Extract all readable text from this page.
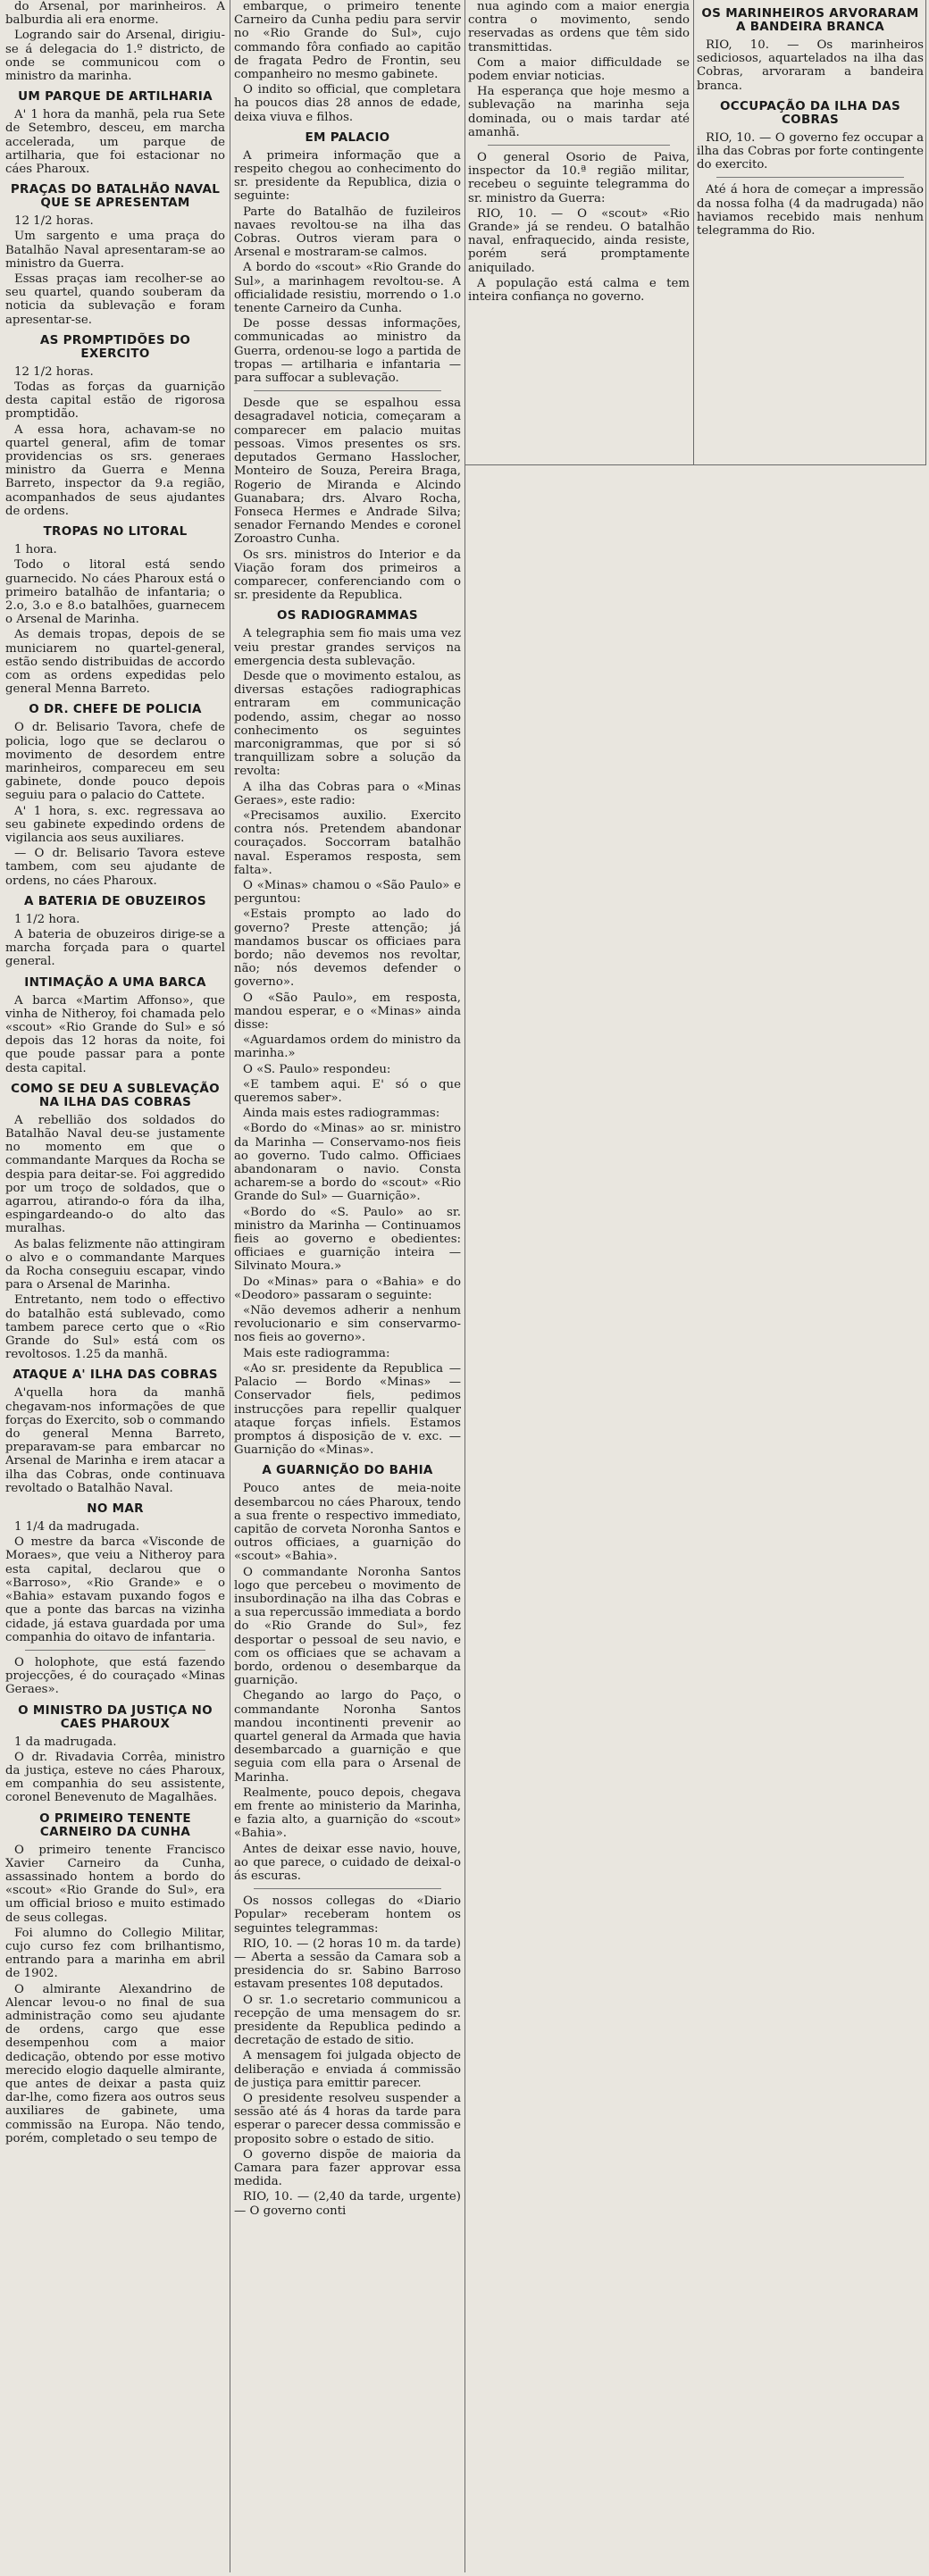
do Arsenal, por marinheiros. A balburdia ali era enorme.
Logrando sair do Arsenal, dirigiu-se á delegacia do 1.º districto, de onde se communicou com o ministro da marinha.
UM PARQUE DE ARTILHARIA
A' 1 hora da manhã, pela rua Sete de Setembro, desceu, em marcha accelerada, um parque de artilharia, que foi estacionar no cáes Pharoux.
PRAÇAS DO BATALHÃO NAVAL QUE SE APRESENTAM
12 1/2 horas.
Um sargento e uma praça do Batalhão Naval apresentaram-se ao ministro da Guerra.
Essas praças iam recolher-se ao seu quartel, quando souberam da noticia da sublevação e foram apresentar-se.
AS PROMPTIDÕES DO EXERCITO
12 1/2 horas.
Todas as forças da guarnição desta capital estão de rigorosa promptidão.
A essa hora, achavam-se no quartel general, afim de tomar providencias os srs. generaes ministro da Guerra e Menna Barreto, inspector da 9.a região, acompanhados de seus ajudantes de ordens.
TROPAS NO LITORAL
1 hora.
Todo o litoral está sendo guarnecido. No cáes Pharoux está o primeiro batalhão de infantaria; o 2.o, 3.o e 8.o batalhões, guarnecem o Arsenal de Marinha.
As demais tropas, depois de se municiarem no quartel-general, estão sendo distribuidas de accordo com as ordens expedidas pelo general Menna Barreto.
O DR. CHEFE DE POLICIA
O dr. Belisario Tavora, chefe de policia, logo que se declarou o movimento de desordem entre marinheiros, compareceu em seu gabinete, donde pouco depois seguiu para o palacio do Cattete.
A' 1 hora, s. exc. regressava ao seu gabinete expedindo ordens de vigilancia aos seus auxiliares.
— O dr. Belisario Tavora esteve tambem, com seu ajudante de ordens, no cáes Pharoux.
A BATERIA DE OBUZEIROS
1 1/2 hora.
A bateria de obuzeiros dirige-se a marcha forçada para o quartel general.
INTIMAÇÃO A UMA BARCA
A barca «Martim Affonso», que vinha de Nitheroy, foi chamada pelo «scout» «Rio Grande do Sul» e só depois das 12 horas da noite, foi que poude passar para a ponte desta capital.
COMO SE DEU A SUBLEVAÇÃO NA ILHA DAS COBRAS
A rebellião dos soldados do Batalhão Naval deu-se justamente no momento em que o commandante Marques da Rocha se despia para deitar-se. Foi aggredido por um troço de soldados, que o agarrou, atirando-o fóra da ilha, espingardeando-o do alto das muralhas.
As balas felizmente não attingiram o alvo e o commandante Marques da Rocha conseguiu escapar, vindo para o Arsenal de Marinha.
Entretanto, nem todo o effectivo do batalhão está sublevado, como tambem parece certo que o «Rio Grande do Sul» está com os revoltosos. 1.25 da manhã.
ATAQUE A' ILHA DAS COBRAS
A'quella hora da manhã chegavam-nos informações de que forças do Exercito, sob o commando do general Menna Barreto, preparavam-se para embarcar no Arsenal de Marinha e irem atacar a ilha das Cobras, onde continuava revoltado o Batalhão Naval.
NO MAR
1 1/4 da madrugada.
O mestre da barca «Visconde de Moraes», que veiu a Nitheroy para esta capital, declarou que o «Barroso», «Rio Grande» e o «Bahia» estavam puxando fogos e que a ponte das barcas na vizinha cidade, já estava guardada por uma companhia do oitavo de infantaria.
O holophote, que está fazendo projecções, é do couraçado «Minas Geraes».
O MINISTRO DA JUSTIÇA NO CAES PHAROUX
1 da madrugada.
O dr. Rivadavia Corrêa, ministro da justiça, esteve no cáes Pharoux, em companhia do seu assistente, coronel Benevenuto de Magalhães.
O PRIMEIRO TENENTE CARNEIRO DA CUNHA
O primeiro tenente Francisco Xavier Carneiro da Cunha, assassinado hontem a bordo do «scout» «Rio Grande do Sul», era um official brioso e muito estimado de seus collegas.
Foi alumno do Collegio Militar, cujo curso fez com brilhantismo, entrando para a marinha em abril de 1902.
O almirante Alexandrino de Alencar levou-o no final de sua administração como seu ajudante de ordens, cargo que esse desempenhou com a maior dedicação, obtendo por esse motivo merecido elogio daquelle almirante, que antes de deixar a pasta quiz dar-lhe, como fizera aos outros seus auxiliares de gabinete, uma commissão na Europa. Não tendo, porém, completado o seu tempo de
embarque, o primeiro tenente Carneiro da Cunha pediu para servir no «Rio Grande do Sul», cujo commando fôra confiado ao capitão de fragata Pedro de Frontin, seu companheiro no mesmo gabinete.
O indito so official, que completara ha poucos dias 28 annos de edade, deixa viuva e filhos.
EM PALACIO
A primeira informação que a respeito chegou ao conhecimento do sr. presidente da Republica, dizia o seguinte:
Parte do Batalhão de fuzileiros navaes revoltou-se na ilha das Cobras. Outros vieram para o Arsenal e mostraram-se calmos.
A bordo do «scout» «Rio Grande do Sul», a marinhagem revoltou-se. A officialidade resistiu, morrendo o 1.o tenente Carneiro da Cunha.
De posse dessas informações, communicadas ao ministro da Guerra, ordenou-se logo a partida de tropas — artilharia e infantaria — para suffocar a sublevação.
Desde que se espalhou essa desagradavel noticia, começaram a comparecer em palacio muitas pessoas. Vimos presentes os srs. deputados Germano Hasslocher, Monteiro de Souza, Pereira Braga, Rogerio de Miranda e Alcindo Guanabara; drs. Alvaro Rocha, Fonseca Hermes e Andrade Silva; senador Fernando Mendes e coronel Zoroastro Cunha.
Os srs. ministros do Interior e da Viação foram dos primeiros a comparecer, conferenciando com o sr. presidente da Republica.
OS RADIOGRAMMAS
A telegraphia sem fio mais uma vez veiu prestar grandes serviços na emergencia desta sublevação.
Desde que o movimento estalou, as diversas estações radiographicas entraram em communicação podendo, assim, chegar ao nosso conhecimento os seguintes marconigrammas, que por si só tranquillizam sobre a solução da revolta:
A ilha das Cobras para o «Minas Geraes», este radio:
«Precisamos auxilio. Exercito contra nós. Pretendem abandonar couraçados. Soccorram batalhão naval. Esperamos resposta, sem falta».
O «Minas» chamou o «São Paulo» e perguntou:
«Estais prompto ao lado do governo? Preste attenção; já mandamos buscar os officiaes para bordo; não devemos nos revoltar, não; nós devemos defender o governo».
O «São Paulo», em resposta, mandou esperar, e o «Minas» ainda disse:
«Aguardamos ordem do ministro da marinha.»
O «S. Paulo» respondeu:
«E tambem aqui. E' só o que queremos saber».
Ainda mais estes radiogrammas:
«Bordo do «Minas» ao sr. ministro da Marinha — Conservamo-nos fieis ao governo. Tudo calmo. Officiaes abandonaram o navio. Consta acharem-se a bordo do «scout» «Rio Grande do Sul» — Guarnição».
«Bordo do «S. Paulo» ao sr. ministro da Marinha — Continuamos fieis ao governo e obedientes: officiaes e guarnição inteira — Silvinato Moura.»
Do «Minas» para o «Bahia» e do «Deodoro» passaram o seguinte:
«Não devemos adherir a nenhum revolucionario e sim conservarmo-nos fieis ao governo».
Mais este radiogramma:
«Ao sr. presidente da Republica — Palacio — Bordo «Minas» — Conservador fiels, pedimos instrucções para repellir qualquer ataque forças infiels. Estamos promptos á disposição de v. exc. — Guarnição do «Minas».
A GUARNIÇÃO DO BAHIA
Pouco antes de meia-noite desembarcou no cáes Pharoux, tendo a sua frente o respectivo immediato, capitão de corveta Noronha Santos e outros officiaes, a guarnição do «scout» «Bahia».
O commandante Noronha Santos logo que percebeu o movimento de insubordinação na ilha das Cobras e a sua repercussão immediata a bordo do «Rio Grande do Sul», fez desportar o pessoal de seu navio, e com os officiaes que se achavam a bordo, ordenou o desembarque da guarnição.
Chegando ao largo do Paço, o commandante Noronha Santos mandou incontinenti prevenir ao quartel general da Armada que havia desembarcado a guarnição e que seguia com ella para o Arsenal de Marinha.
Realmente, pouco depois, chegava em frente ao ministerio da Marinha, e fazia alto, a guarnição do «scout» «Bahia».
Antes de deixar esse navio, houve, ao que parece, o cuidado de deixal-o ás escuras.
Os nossos collegas do «Diario Popular» receberam hontem os seguintes telegrammas:
RIO, 10. — (2 horas 10 m. da tarde) — Aberta a sessão da Camara sob a presidencia do sr. Sabino Barroso estavam presentes 108 deputados.
O sr. 1.o secretario communicou a recepção de uma mensagem do sr. presidente da Republica pedindo a decretação de estado de sitio.
A mensagem foi julgada objecto de deliberação e enviada á commissão de justiça para emittir parecer.
O presidente resolveu suspender a sessão até ás 4 horas da tarde para esperar o parecer dessa commissão e proposito sobre o estado de sitio.
O governo dispõe de maioria da Camara para fazer approvar essa medida.
RIO, 10. — (2,40 da tarde, urgente) — O governo conti
nua agindo com a maior energia contra o movimento, sendo reservadas as ordens que têm sido transmittidas.
Com a maior difficuldade se podem enviar noticias.
Ha esperança que hoje mesmo a sublevação na marinha seja dominada, ou o mais tardar até amanhã.
O general Osorio de Paiva, inspector da 10.ª região militar, recebeu o seguinte telegramma do sr. ministro da Guerra:
RIO, 10. — O «scout» «Rio Grande» já se rendeu. O batalhão naval, enfraquecido, ainda resiste, porém será promptamente aniquilado.
A população está calma e tem inteira confiança no governo.
OS MARINHEIROS ARVORARAM A BANDEIRA BRANCA
RIO, 10. — Os marinheiros sediciosos, aquartelados na ilha das Cobras, arvoraram a bandeira branca.
OCCUPAÇÃO DA ILHA DAS COBRAS
RIO, 10. — O governo fez occupar a ilha das Cobras por forte contingente do exercito.
Até á hora de começar a impressão da nossa folha (4 da madrugada) não haviamos recebido mais nenhum telegramma do Rio.
